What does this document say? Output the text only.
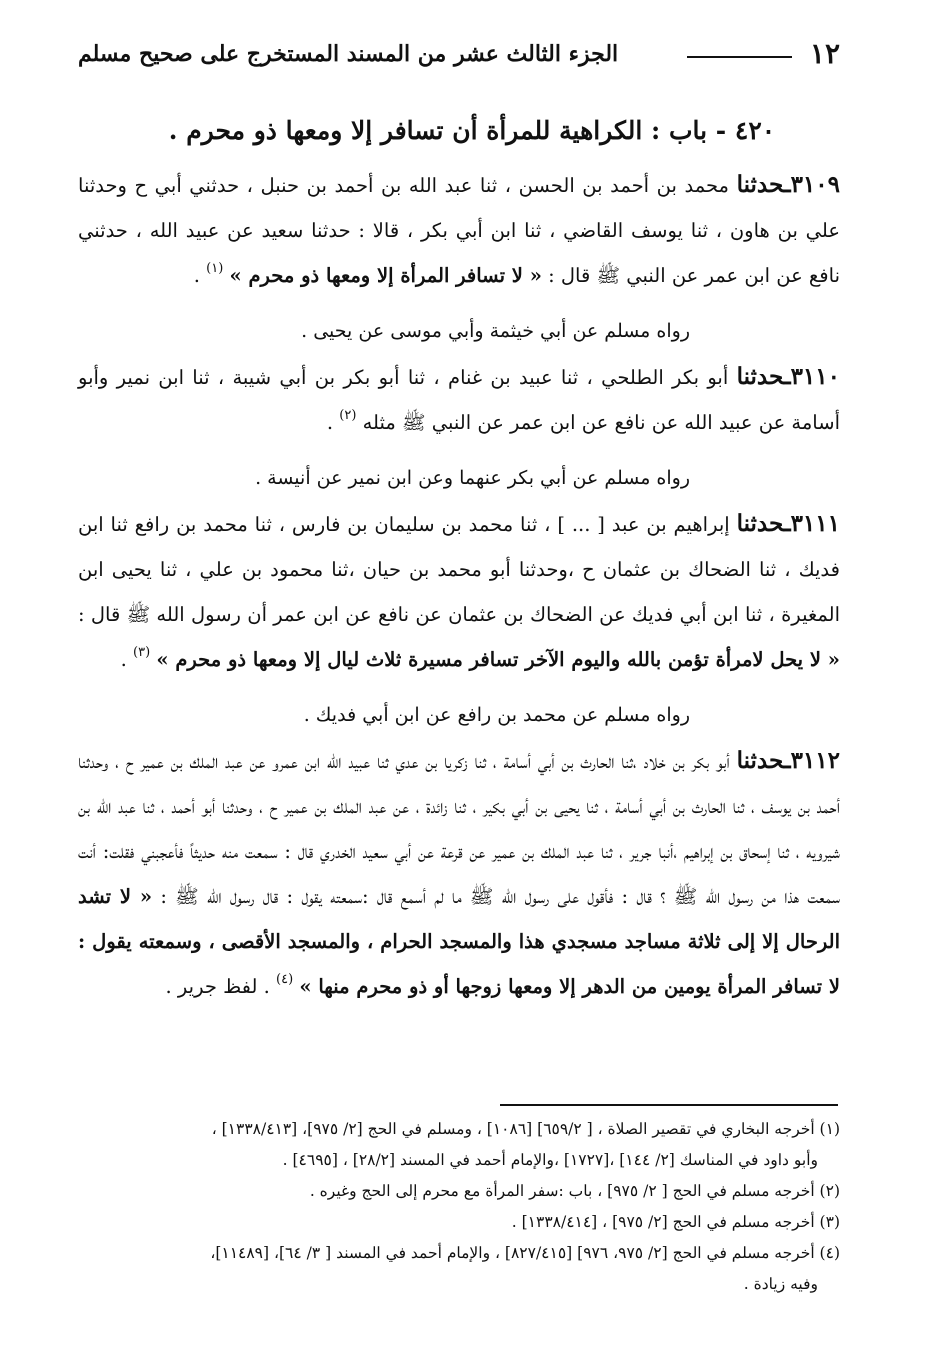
١٢
الجزء الثالث عشر من المسند المستخرج على صحيح مسلم
٤٢٠ - باب : الكراهية للمرأة أن تسافر إلا ومعها ذو محرم .

٣١٠٩ـحدثنا محمد بن أحمد بن الحسن ، ثنا عبد الله بن أحمد بن حنبل ، حدثني أبي ح وحدثنا علي بن هاون ، ثنا يوسف القاضي ، ثنا ابن أبي بكر ، قالا : حدثنا سعيد عن عبيد الله ، حدثني نافع عن ابن عمر عن النبي ﷺ قال : « لا تسافر المرأة إلا ومعها ذو محرم » $^{(١)}$ .

رواه مسلم عن أبي خيثمة وأبي موسى عن يحيى .

٣١١٠ـحدثنا أبو بكر الطلحي ، ثنا عبيد بن غنام ، ثنا أبو بكر بن أبي شيبة ، ثنا ابن نمير وأبو أسامة عن عبيد الله عن نافع عن ابن عمر عن النبي ﷺ مثله $^{(٢)}$ .

رواه مسلم عن أبي بكر عنهما وعن ابن نمير عن أنيسة .

٣١١١ـحدثنا إبراهيم بن عبد [ ... ] ، ثنا محمد بن سليمان بن فارس ، ثنا محمد بن رافع ثنا ابن فديك ، ثنا الضحاك بن عثمان ح ،وحدثنا أبو محمد بن حيان ،ثنا محمود بن علي ، ثنا يحيى ابن المغيرة ، ثنا ابن أبي فديك عن الضحاك بن عثمان عن نافع عن ابن عمر أن رسول الله ﷺ قال : « لا يحل لامرأة تؤمن بالله واليوم الآخر تسافر مسيرة ثلاث ليال إلا ومعها ذو محرم » $^{(٣)}$ .

رواه مسلم عن محمد بن رافع عن ابن أبي فديك .

٣١١٢ـحدثنا أبو بكر بن خلاد ،ثنا الحارث بن أبي أسامة ، ثنا زكريا بن عدي ثنا عبيد الله ابن عمرو عن عبد الملك بن عمير ح ، وحدثنا أحمد بن يوسف ، ثنا الحارث بن أبي أسامة ، ثنا يحيى بن أبي بكير ، ثنا زائدة ، عن عبد الملك بن عمير ح ، وحدثنا أبو أحمد ، ثنا عبد الله بن شيرويه ، ثنا إسحاق بن إبراهيم ،أنبا جرير ، ثنا عبد الملك بن عمير عن قرعة عن أبي سعيد الخدري قال : سمعت منه حديثاً فأعجبني فقلت: أنت سمعت هذا من رسول الله ﷺ ؟ قال : فأقول على رسول الله ﷺ ما لم أسمع قال :سمعته يقول : قال رسول الله ﷺ : « لا تشد الرحال إلا إلى ثلاثة مساجد مسجدي هذا والمسجد الحرام ، والمسجد الأقصى ، وسمعته يقول : لا تسافر المرأة يومين من الدهر إلا ومعها زوجها أو ذو محرم منها » $^{(٤)}$ . لفظ جرير .

(١) أخرجه البخاري في تقصير الصلاة ، [ ٦٥٩/٢] [١٠٨٦] ، ومسلم في الحج [٢/ ٩٧٥]، [١٣٣٨/٤١٣] ،
وأبو داود في المناسك [٢/ ١٤٤] ،[١٧٢٧] ،والإمام أحمد في المسند [٢٨/٢] ، [٤٦٩٥] .

(٢) أخرجه مسلم في الحج [ ٢/ ٩٧٥] ، باب :سفر المرأة مع محرم إلى الحج وغيره .

(٣) أخرجه مسلم في الحج [٢/ ٩٧٥] ، [١٣٣٨/٤١٤] .

(٤) أخرجه مسلم في الحج [٢/ ٩٧٥، ٩٧٦] [٨٢٧/٤١٥] ، والإمام أحمد في المسند [ ٣/ ٦٤]، [١١٤٨٩]،
وفيه زيادة .
